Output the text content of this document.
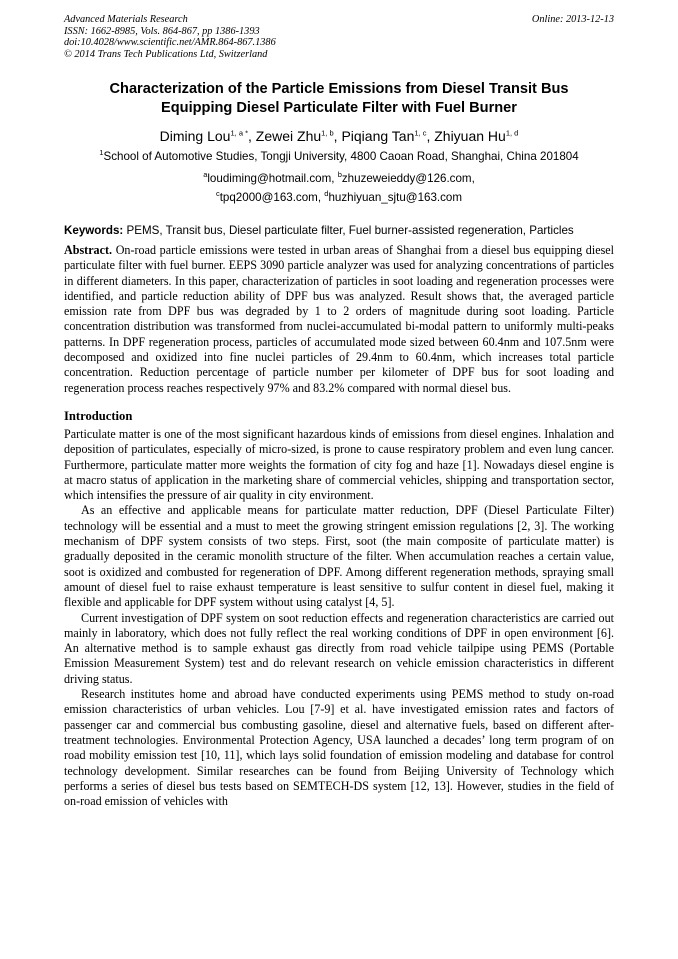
Advanced Materials Research
ISSN: 1662-8985, Vols. 864-867, pp 1386-1393
doi:10.4028/www.scientific.net/AMR.864-867.1386
© 2014 Trans Tech Publications Ltd, Switzerland
Online: 2013-12-13
Characterization of the Particle Emissions from Diesel Transit Bus
Equipping Diesel Particulate Filter with Fuel Burner
Diming Lou$^{1, a *}$, Zewei Zhu$^{1, b}$, Piqiang Tan$^{1, c}$, Zhiyuan Hu$^{1, d}$
$^1$School of Automotive Studies, Tongji University, 4800 Caoan Road, Shanghai, China 201804
$^a$loudiming@hotmail.com, $^b$zhuzeweieddy@126.com,
$^c$tpq2000@163.com, $^d$huzhiyuan_sjtu@163.com
Keywords: PEMS, Transit bus, Diesel particulate filter, Fuel burner-assisted regeneration, Particles
Abstract. On-road particle emissions were tested in urban areas of Shanghai from a diesel bus equipping diesel particulate filter with fuel burner. EEPS 3090 particle analyzer was used for analyzing concentrations of particles in different diameters. In this paper, characterization of particles in soot loading and regeneration processes were identified, and particle reduction ability of DPF bus was analyzed. Result shows that, the averaged particle emission rate from DPF bus was degraded by 1 to 2 orders of magnitude during soot loading. Particle concentration distribution was transformed from nuclei-accumulated bi-modal pattern to uniformly multi-peaks patterns. In DPF regeneration process, particles of accumulated mode sized between 60.4nm and 107.5nm were decomposed and oxidized into fine nuclei particles of 29.4nm to 60.4nm, which increases total particle concentration. Reduction percentage of particle number per kilometer of DPF bus for soot loading and regeneration process reaches respectively 97% and 83.2% compared with normal diesel bus.
Introduction

Particulate matter is one of the most significant hazardous kinds of emissions from diesel engines. Inhalation and deposition of particulates, especially of micro-sized, is prone to cause respiratory problem and even lung cancer. Furthermore, particulate matter more weights the formation of city fog and haze [1]. Nowadays diesel engine is at macro status of application in the marketing share of commercial vehicles, shipping and transportation sector, which intensifies the pressure of air quality in city environment.

As an effective and applicable means for particulate matter reduction, DPF (Diesel Particulate Filter) technology will be essential and a must to meet the growing stringent emission regulations [2, 3]. The working mechanism of DPF system consists of two steps. First, soot (the main composite of particulate matter) is gradually deposited in the ceramic monolith structure of the filter. When accumulation reaches a certain value, soot is oxidized and combusted for regeneration of DPF. Among different regeneration methods, spraying small amount of diesel fuel to raise exhaust temperature is least sensitive to sulfur content in diesel fuel, making it flexible and applicable for DPF system without using catalyst [4, 5].

Current investigation of DPF system on soot reduction effects and regeneration characteristics are carried out mainly in laboratory, which does not fully reflect the real working conditions of DPF in open environment [6]. An alternative method is to sample exhaust gas directly from road vehicle tailpipe using PEMS (Portable Emission Measurement System) test and do relevant research on vehicle emission characteristics in different driving status.

Research institutes home and abroad have conducted experiments using PEMS method to study on-road emission characteristics of urban vehicles. Lou [7-9] et al. have investigated emission rates and factors of passenger car and commercial bus combusting gasoline, diesel and alternative fuels, based on different after-treatment technologies. Environmental Protection Agency, USA launched a decades’ long term program of on road mobility emission test [10, 11], which lays solid foundation of emission modeling and database for control technology development. Similar researches can be found from Beijing University of Technology which performs a series of diesel bus tests based on SEMTECH-DS system [12, 13]. However, studies in the field of on-road emission of vehicles with
